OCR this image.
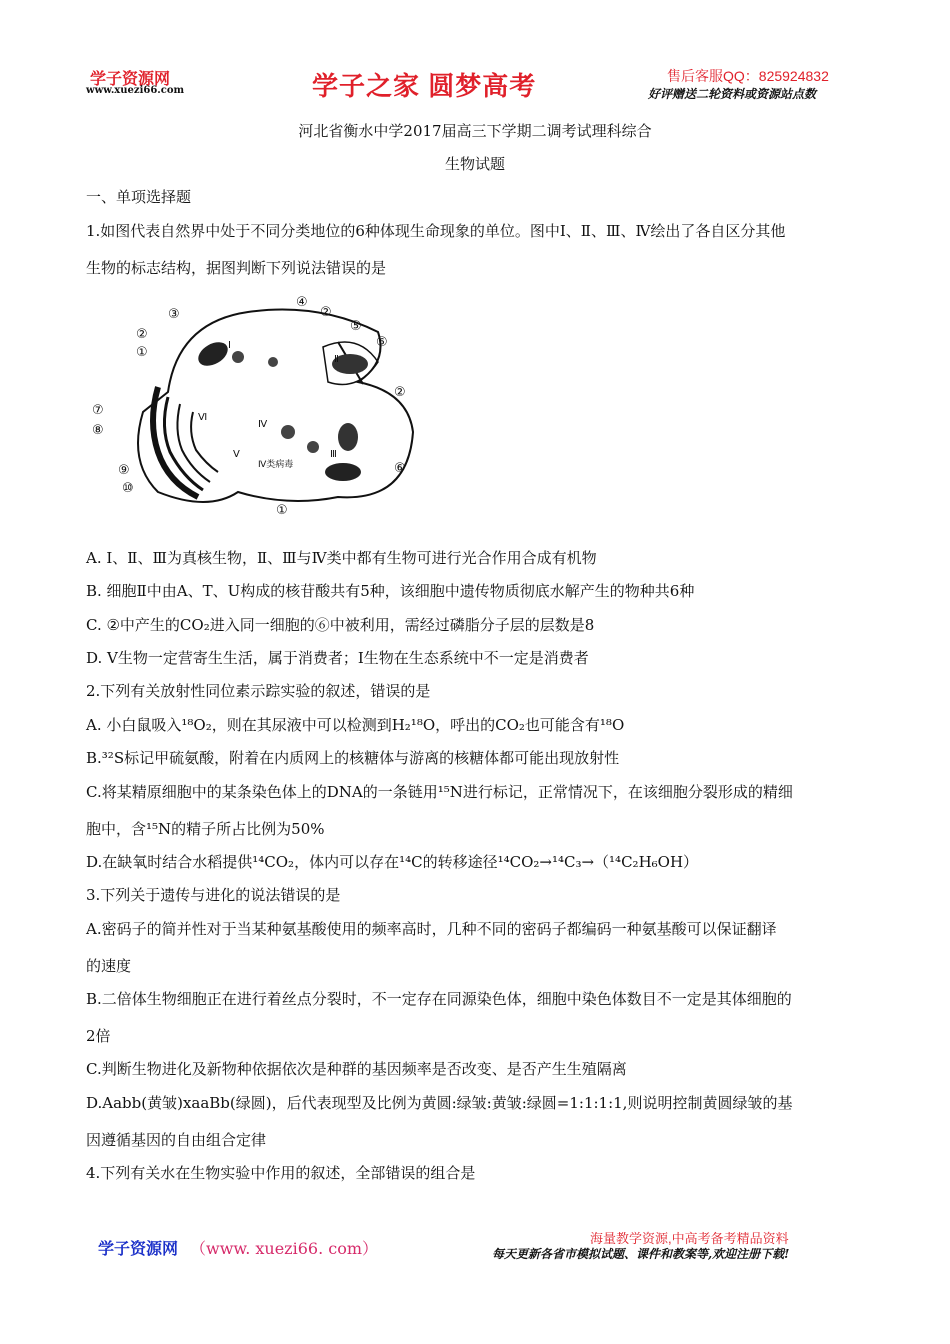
学子资源网
www.xuezi66.com	学子之家 圆梦高考	售后客服QQ：825924832
好评赠送二轮资料或资源站点数
河北省衡水中学2017届高三下学期二调考试理科综合
生物试题
一、单项选择题
1.如图代表自然界中处于不同分类地位的6种体现生命现象的单位。图中Ⅰ、Ⅱ、Ⅲ、Ⅳ绘出了各自区分其他
生物的标志结构，据图判断下列说法错误的是
③
②
①
④
②
⑤
⑥
②
⑦
⑧
⑨
⑩
⑥
①
Ⅰ
Ⅱ
Ⅲ
Ⅳ
Ⅴ
Ⅵ
Ⅳ类病毒
A. Ⅰ、Ⅱ、Ⅲ为真核生物，Ⅱ、Ⅲ与Ⅳ类中都有生物可进行光合作用合成有机物
B. 细胞Ⅱ中由A、T、U构成的核苷酸共有5种，该细胞中遗传物质彻底水解产生的物种共6种
C. ②中产生的CO₂进入同一细胞的⑥中被利用，需经过磷脂分子层的层数是8
D. Ⅴ生物一定营寄生生活，属于消费者；Ⅰ生物在生态系统中不一定是消费者
2.下列有关放射性同位素示踪实验的叙述，错误的是
A. 小白鼠吸入¹⁸O₂，则在其尿液中可以检测到H₂¹⁸O，呼出的CO₂也可能含有¹⁸O
B.³²S标记甲硫氨酸，附着在内质网上的核糖体与游离的核糖体都可能出现放射性
C.将某精原细胞中的某条染色体上的DNA的一条链用¹⁵N进行标记，正常情况下，在该细胞分裂形成的精细
胞中，含¹⁵N的精子所占比例为50%
D.在缺氧时结合水稻提供¹⁴CO₂，体内可以存在¹⁴C的转移途径¹⁴CO₂→¹⁴C₃→（¹⁴C₂H₆OH）
3.下列关于遗传与进化的说法错误的是
A.密码子的简并性对于当某种氨基酸使用的频率高时，几种不同的密码子都编码一种氨基酸可以保证翻译
的速度
B.二倍体生物细胞正在进行着丝点分裂时，不一定存在同源染色体，细胞中染色体数目不一定是其体细胞的
2倍
C.判断生物进化及新物种依据依次是种群的基因频率是否改变、是否产生生殖隔离
D.Aabb(黄皱)xaaBb(绿圆)，后代表现型及比例为黄圆:绿皱:黄皱:绿圆=1:1:1:1,则说明控制黄圆绿皱的基
因遵循基因的自由组合定律
4.下列有关水在生物实验中作用的叙述，全部错误的组合是
学子资源网 （www. xuezi66. com）
海量教学资源,中高考备考精品资料
每天更新各省市模拟试题、课件和教案等,欢迎注册下载!
